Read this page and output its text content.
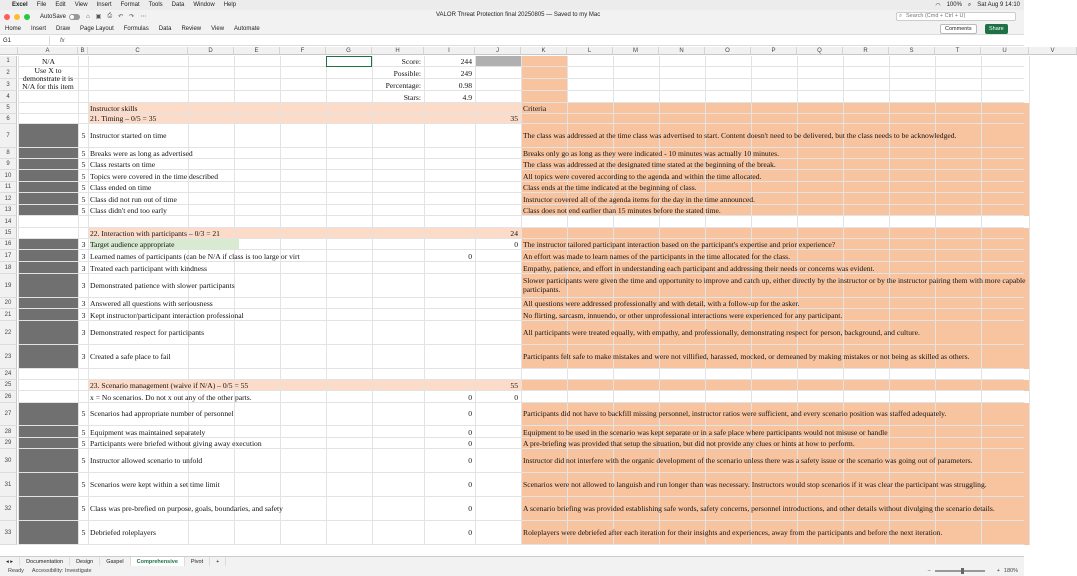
Excel File Edit View Insert Format Tools Data Window Help	◠ 100% ⌕ Sat Aug 9 14:10
AutoSave	⌂ ▣ ⎙ ↶ ↷ ⋯	VALOR Threat Protection final 20250805 — Saved to my Mac	⌕ Search (Cmd + Ctrl + U)
Home Insert Draw Page Layout Formulas Data Review View Automate	Comments	Share
G1	fx
A	B	C	D	E	F	G	H	I	J	K	L	M	N	O	P	Q	R	S	T	U	V
1	N/A	Score:	244
2	Possible:	249
3	Percentage:	0.98
4	Stars:	4.9
5	Instructor skills	Criteria
6	21. Timing – 0/5 = 35	35
7	5 Instructor started on time	The class was addressed at the time class was advertised to start. Content doesn't need to be delivered, but the class needs to be acknowledged.
8	5 Breaks were as long as advertised	Breaks only go as long as they were indicated - 10 minutes was actually 10 minutes.
9	5 Class restarts on time	The class was addressed at the designated time stated at the beginning of the break.
10	5 Topics were covered in the time described	All topics were covered according to the agenda and within the time allocated.
11	5 Class ended on time	Class ends at the time indicated at the beginning of class.
12	5 Class did not run out of time	Instructor covered all of the agenda items for the day in the time announced.
13	5 Class didn't end too early	Class does not end earlier than 15 minutes before the stated time.
14
15	22. Interaction with participants – 0/3 = 21	24
16	3 Target audience appropriate	0 The instructor tailored participant interaction based on the participant's expertise and prior experience?
17	3 Learned names of participants (can be N/A if class is too large or virt	0	An effort was made to learn names of the participants in the time allocated for the class.
18	3 Treated each participant with kindness	Empathy, patience, and effort in understanding each participant and addressing their needs or concerns was evident.
19	3 Demonstrated patience with slower participants	Slower participants were given the time and opportunity to improve and catch up, either directly by the instructor or by the instructor pairing them with more capable participants.
20	3 Answered all questions with seriousness	All questions were addressed professionally and with detail, with a follow-up for the asker.
21	3 Kept instructor/participant interaction professional	No flirting, sarcasm, innuendo, or other unprofessional interactions were experienced for any participant.
22	3 Demonstrated respect for participants	All participants were treated equally, with empathy, and professionally, demonstrating respect for person, background, and culture.
23	3 Created a safe place to fail	Participants felt safe to make mistakes and were not villified, harassed, mocked, or demeaned by making mistakes or not being as skilled as others.
24
25	23. Scenario management (waive if N/A) – 0/5 = 55	55
26	x = No scenarios. Do not x out any of the other parts.	0	0
27	5 Scenarios had appropriate number of personnel	0	Participants did not have to backfill missing personnel, instructor ratios were sufficient, and every scenario position was staffed adequately.
28	5 Equipment was maintained separately	0	Equipment to be used in the scenario was kept separate or in a safe place where participants would not misuse or handle
29	5 Participants were briefed without giving away execution	0	A pre-briefing was provided that setup the situation, but did not provide any clues or hints at how to perform.
30	5 Instructor allowed scenario to unfold	0	Instructor did not interfere with the organic development of the scenario unless there was a safety issue or the scenario was going out of parameters.
31	5 Scenarios were kept within a set time limit	0	Scenarios were not allowed to languish and run longer than was necessary. Instructors would stop scenarios if it was clear the participant was struggling.
32	5 Class was pre-brefied on purpose, goals, boundaries, and safety	0	A scenario briefing was provided establishing safe words, safety concerns, personnel introductions, and other details without divulging the scenario details.
33	5 Debriefed roleplayers	0	Roleplayers were debriefed after each iteration for their insights and experiences, away from the participants and before the next iteration.
Use X to demonstrate it is N/A for this item
◂ ▸	Documentation	Design	Gaspel	Comprehensive	Pivot	+
Ready Accessibility: Investigate	−	+ 180%
